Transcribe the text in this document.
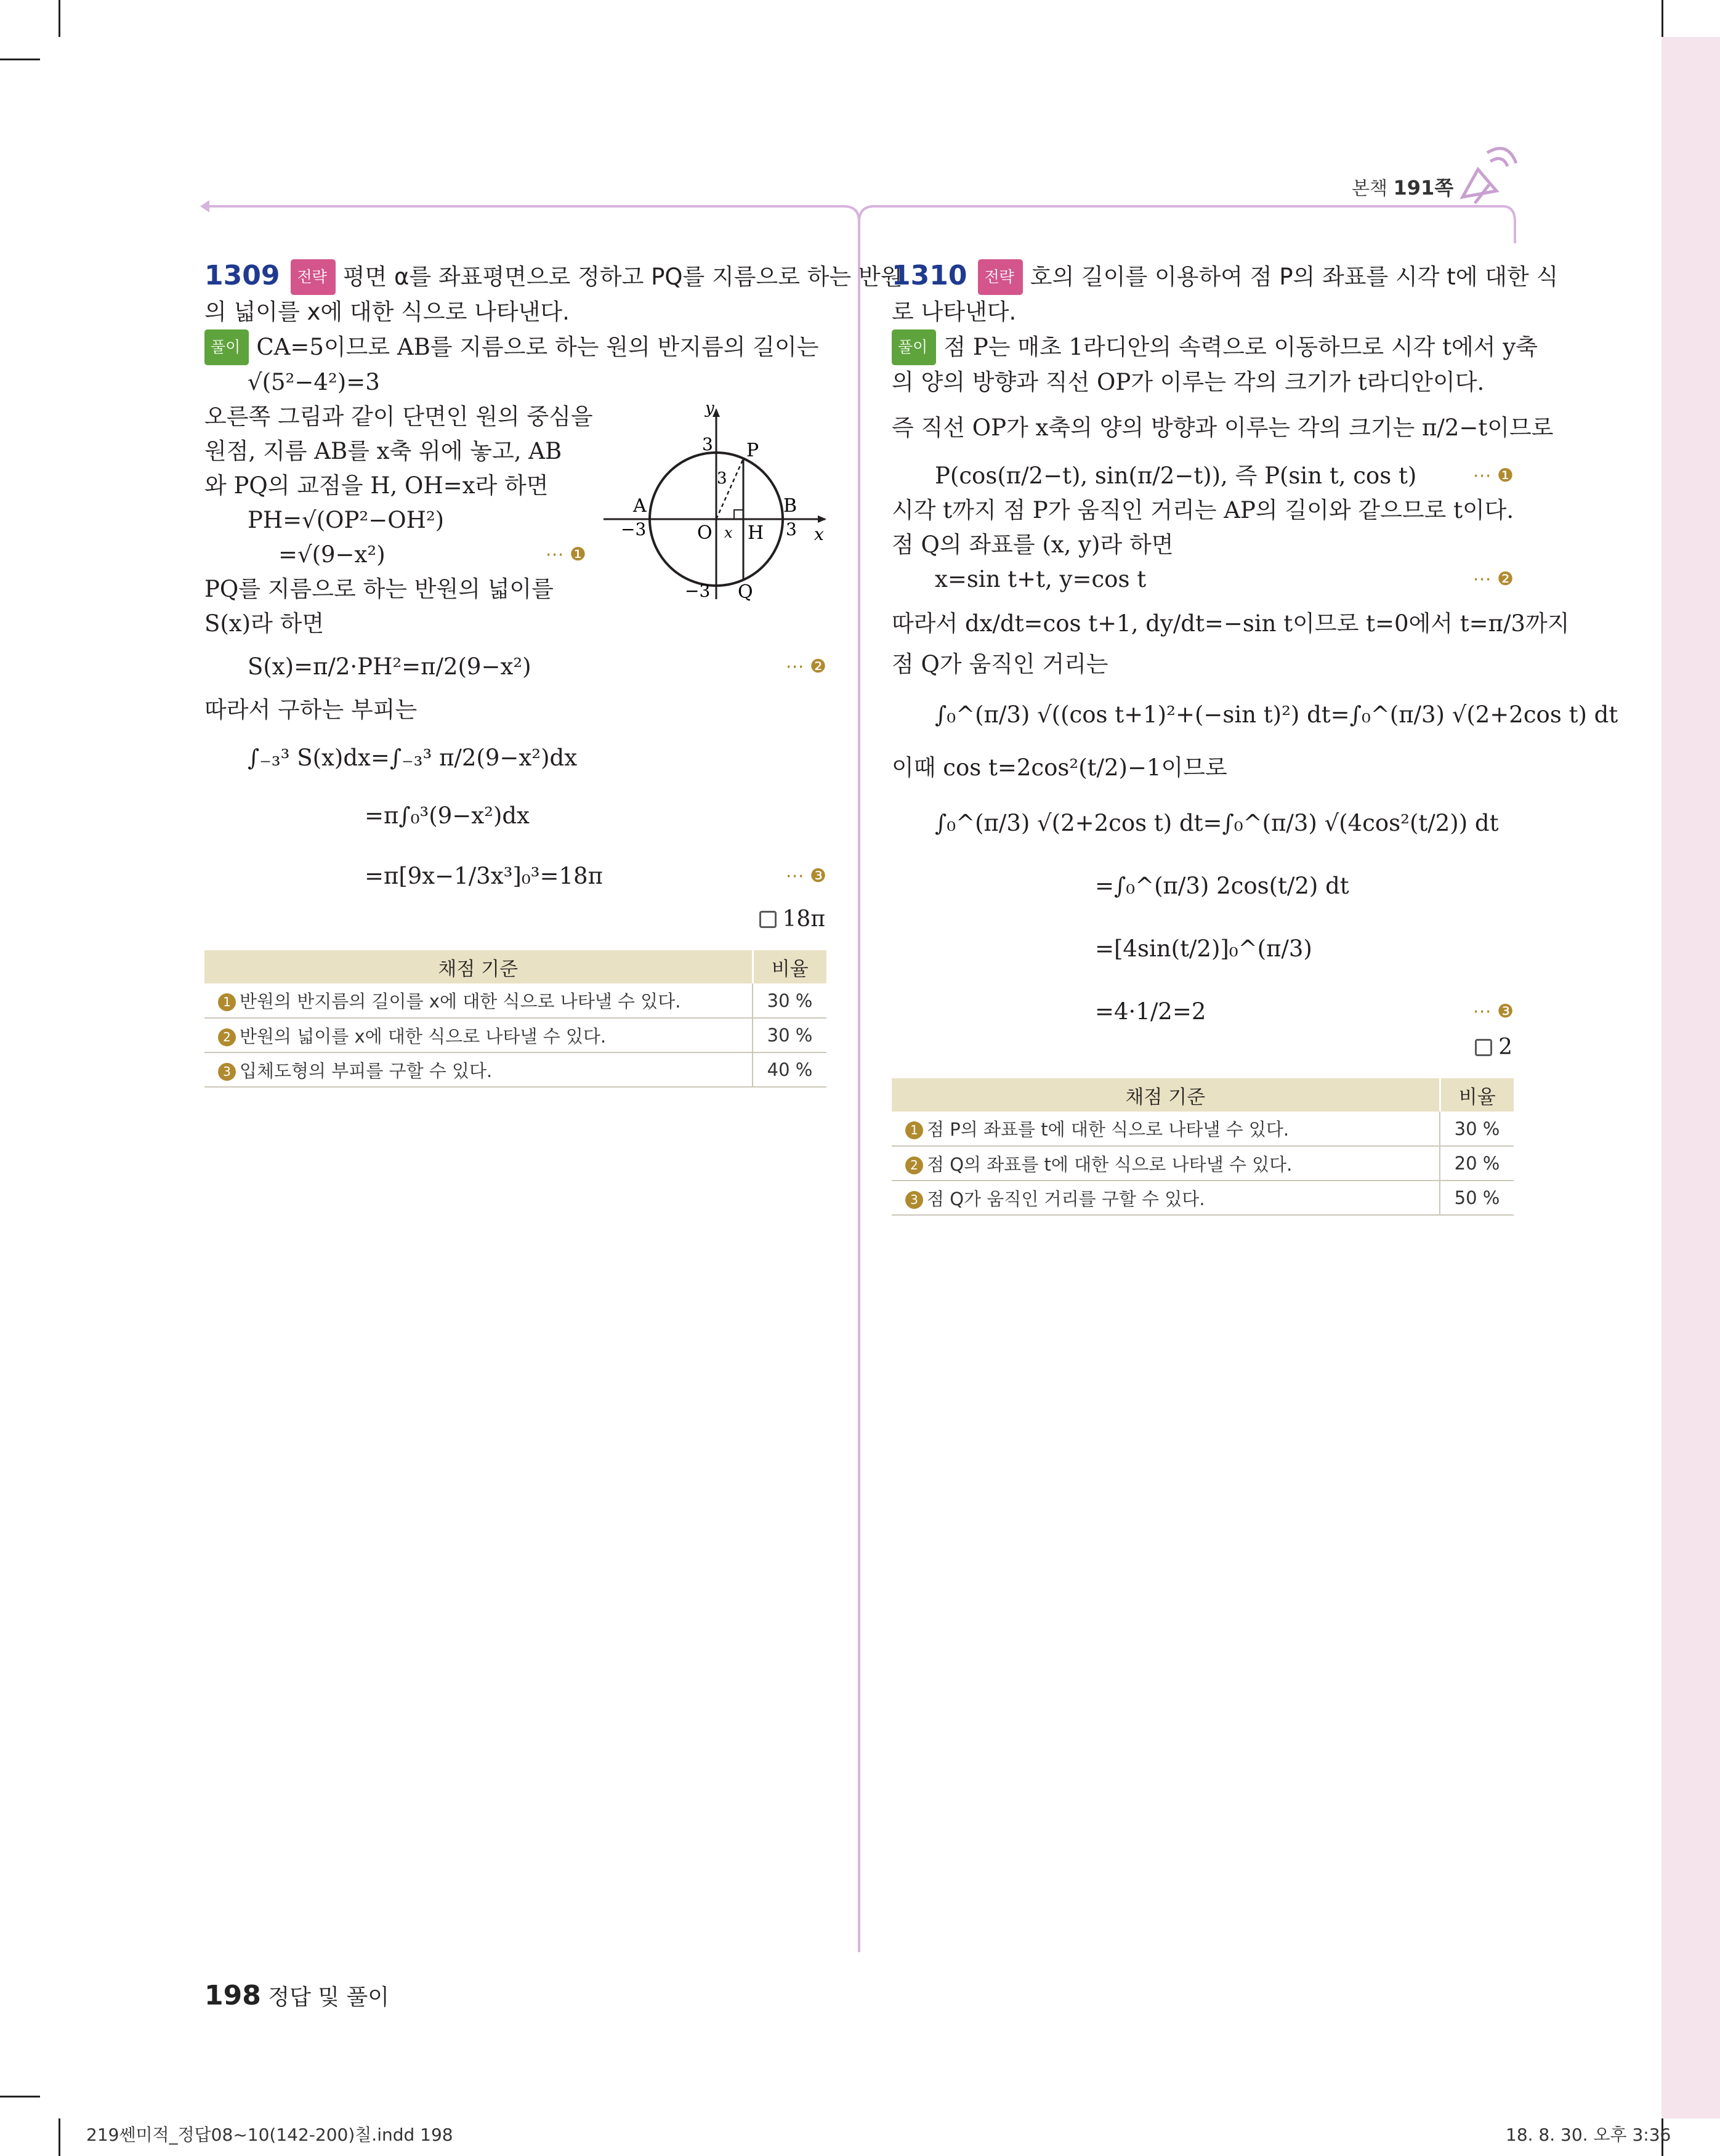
본책 191쪽
1309 전략 평면 α를 좌표평면으로 정하고 PQ를 지름으로 하는 반원
의 넓이를 x에 대한 식으로 나타낸다.
풀이 CA=5이므로 AB를 지름으로 하는 원의 반지름의 길이는
√(5²−4²)=3
오른쪽 그림과 같이 단면인 원의 중심을
원점, 지름 AB를 x축 위에 놓고, AB
와 PQ의 교점을 H, OH=x라 하면
PH=√(OP²−OH²)
=√(9−x²)	⋯ ❶
PQ를 지름으로 하는 반원의 넓이를
S(x)라 하면
S(x)=π/2·PH²=π/2(9−x²)	⋯ ❷
따라서 구하는 부피는
∫₋₃³ S(x)dx=∫₋₃³ π/2(9−x²)dx
=π∫₀³(9−x²)dx
=π[9x−1/3x³]₀³=18π	⋯ ❸
18π
채점 기준	비율
1 반원의 반지름의 길이를 x에 대한 식으로 나타낼 수 있다.	30 %
2 반원의 넓이를 x에 대한 식으로 나타낼 수 있다.	30 %
3 입체도형의 부피를 구할 수 있다.	40 %
y
x
A	B
P
Q
O H
3
−3
−3	3
3
x
1310 전략 호의 길이를 이용하여 점 P의 좌표를 시각 t에 대한 식
로 나타낸다.
풀이 점 P는 매초 1라디안의 속력으로 이동하므로 시각 t에서 y축
의 양의 방향과 직선 OP가 이루는 각의 크기가 t라디안이다.
즉 직선 OP가 x축의 양의 방향과 이루는 각의 크기는 π/2−t이므로
P(cos(π/2−t), sin(π/2−t)), 즉 P(sin t, cos t)	⋯ ❶
시각 t까지 점 P가 움직인 거리는 AP의 길이와 같으므로 t이다.
점 Q의 좌표를 (x, y)라 하면
x=sin t+t, y=cos t	⋯ ❷
따라서 dx/dt=cos t+1, dy/dt=−sin t이므로 t=0에서 t=π/3까지
점 Q가 움직인 거리는
∫₀^(π/3) √((cos t+1)²+(−sin t)²) dt=∫₀^(π/3) √(2+2cos t) dt
이때 cos t=2cos²(t/2)−1이므로
∫₀^(π/3) √(2+2cos t) dt=∫₀^(π/3) √(4cos²(t/2)) dt
=∫₀^(π/3) 2cos(t/2) dt
=[4sin(t/2)]₀^(π/3)
=4·1/2=2	⋯ ❸
2
채점 기준	비율
1 점 P의 좌표를 t에 대한 식으로 나타낼 수 있다.	30 %
2 점 Q의 좌표를 t에 대한 식으로 나타낼 수 있다.	20 %
3 점 Q가 움직인 거리를 구할 수 있다.	50 %
198 정답 및 풀이
219쎈미적_정답08~10(142-200)칠.indd 198	18. 8. 30. 오후 3:36
